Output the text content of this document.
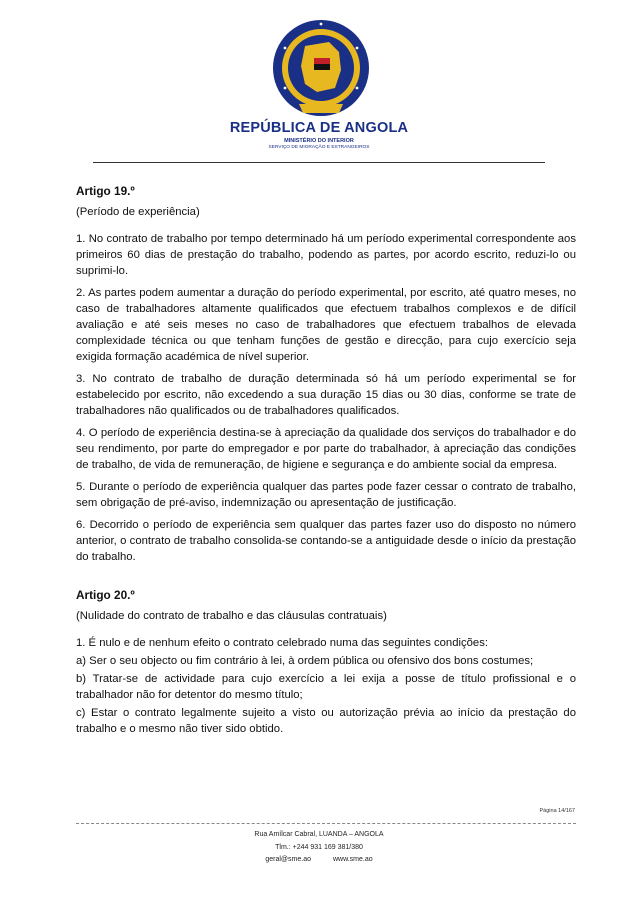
REPÚBLICA DE ANGOLA
MINISTÉRIO DO INTERIOR
SERVIÇO DE MIGRAÇÃO E ESTRANGEIROS

Artigo 19.º

(Período de experiência)

1. No contrato de trabalho por tempo determinado há um período experimental correspondente aos primeiros 60 dias de prestação do trabalho, podendo as partes, por acordo escrito, reduzi-lo ou suprimi-lo.

2. As partes podem aumentar a duração do período experimental, por escrito, até quatro meses, no caso de trabalhadores altamente qualificados que efectuem trabalhos complexos e de difícil avaliação e até seis meses no caso de trabalhadores que efectuem trabalhos de elevada complexidade técnica ou que tenham funções de gestão e direcção, para cujo exercício seja exigida formação académica de nível superior.

3. No contrato de trabalho de duração determinada só há um período experimental se for estabelecido por escrito, não excedendo a sua duração 15 dias ou 30 dias, conforme se trate de trabalhadores não qualificados ou de trabalhadores qualificados.

4. O período de experiência destina-se à apreciação da qualidade dos serviços do trabalhador e do seu rendimento, por parte do empregador e por parte do trabalhador, à apreciação das condições de trabalho, de vida de remuneração, de higiene e segurança e do ambiente social da empresa.

5. Durante o período de experiência qualquer das partes pode fazer cessar o contrato de trabalho, sem obrigação de pré-aviso, indemnização ou apresentação de justificação.

6. Decorrido o período de experiência sem qualquer das partes fazer uso do disposto no número anterior, o contrato de trabalho consolida-se contando-se a antiguidade desde o início da prestação do trabalho.

Artigo 20.º

(Nulidade do contrato de trabalho e das cláusulas contratuais)

1. É nulo e de nenhum efeito o contrato celebrado numa das seguintes condições:

a) Ser o seu objecto ou fim contrário à lei, à ordem pública ou ofensivo dos bons costumes;

b) Tratar-se de actividade para cujo exercício a lei exija a posse de título profissional e o trabalhador não for detentor do mesmo título;

c) Estar o contrato legalmente sujeito a visto ou autorização prévia ao início da prestação do trabalho e o mesmo não tiver sido obtido.

Página 14/167
Rua Amílcar Cabral, LUANDA – ANGOLA
Tlm.: +244 931 169 381/380
geral@sme.ao	www.sme.ao
